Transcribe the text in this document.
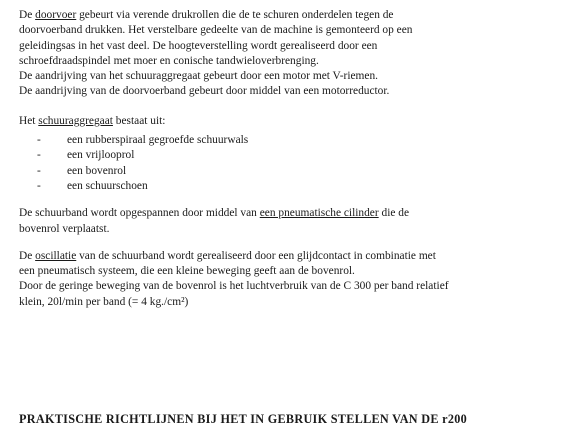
De doorvoer gebeurt via verende drukrollen die de te schuren onderdelen tegen de

doorvoerband drukken. Het verstelbare gedeelte van de machine is gemonteerd op een

geleidingsas in het vast deel. De hoogteverstelling wordt gerealiseerd door een

schroefdraadspindel met moer en conische tandwieloverbrenging.

De aandrijving van het schuuraggregaat gebeurt door een motor met V-riemen.

De aandrijving van de doorvoerband gebeurt door middel van een motorreductor.

Het schuuraggregaat bestaat uit:

- een rubberspiraal gegroefde schuurwals
- een vrijlooprol
- een bovenrol
- een schuurschoen

De schuurband wordt opgespannen door middel van een pneumatische cilinder die de

bovenrol verplaatst.

De oscillatie van de schuurband wordt gerealiseerd door een glijdcontact in combinatie met

een pneumatisch systeem, die een kleine beweging geeft aan de bovenrol.

Door de geringe beweging van de bovenrol is het luchtverbruik van de C 300 per band relatief

klein, 20l/min per band (= 4 kg./cm²)

PRAKTISCHE RICHTLIJNEN BIJ HET IN GEBRUIK STELLEN VAN DE r200
